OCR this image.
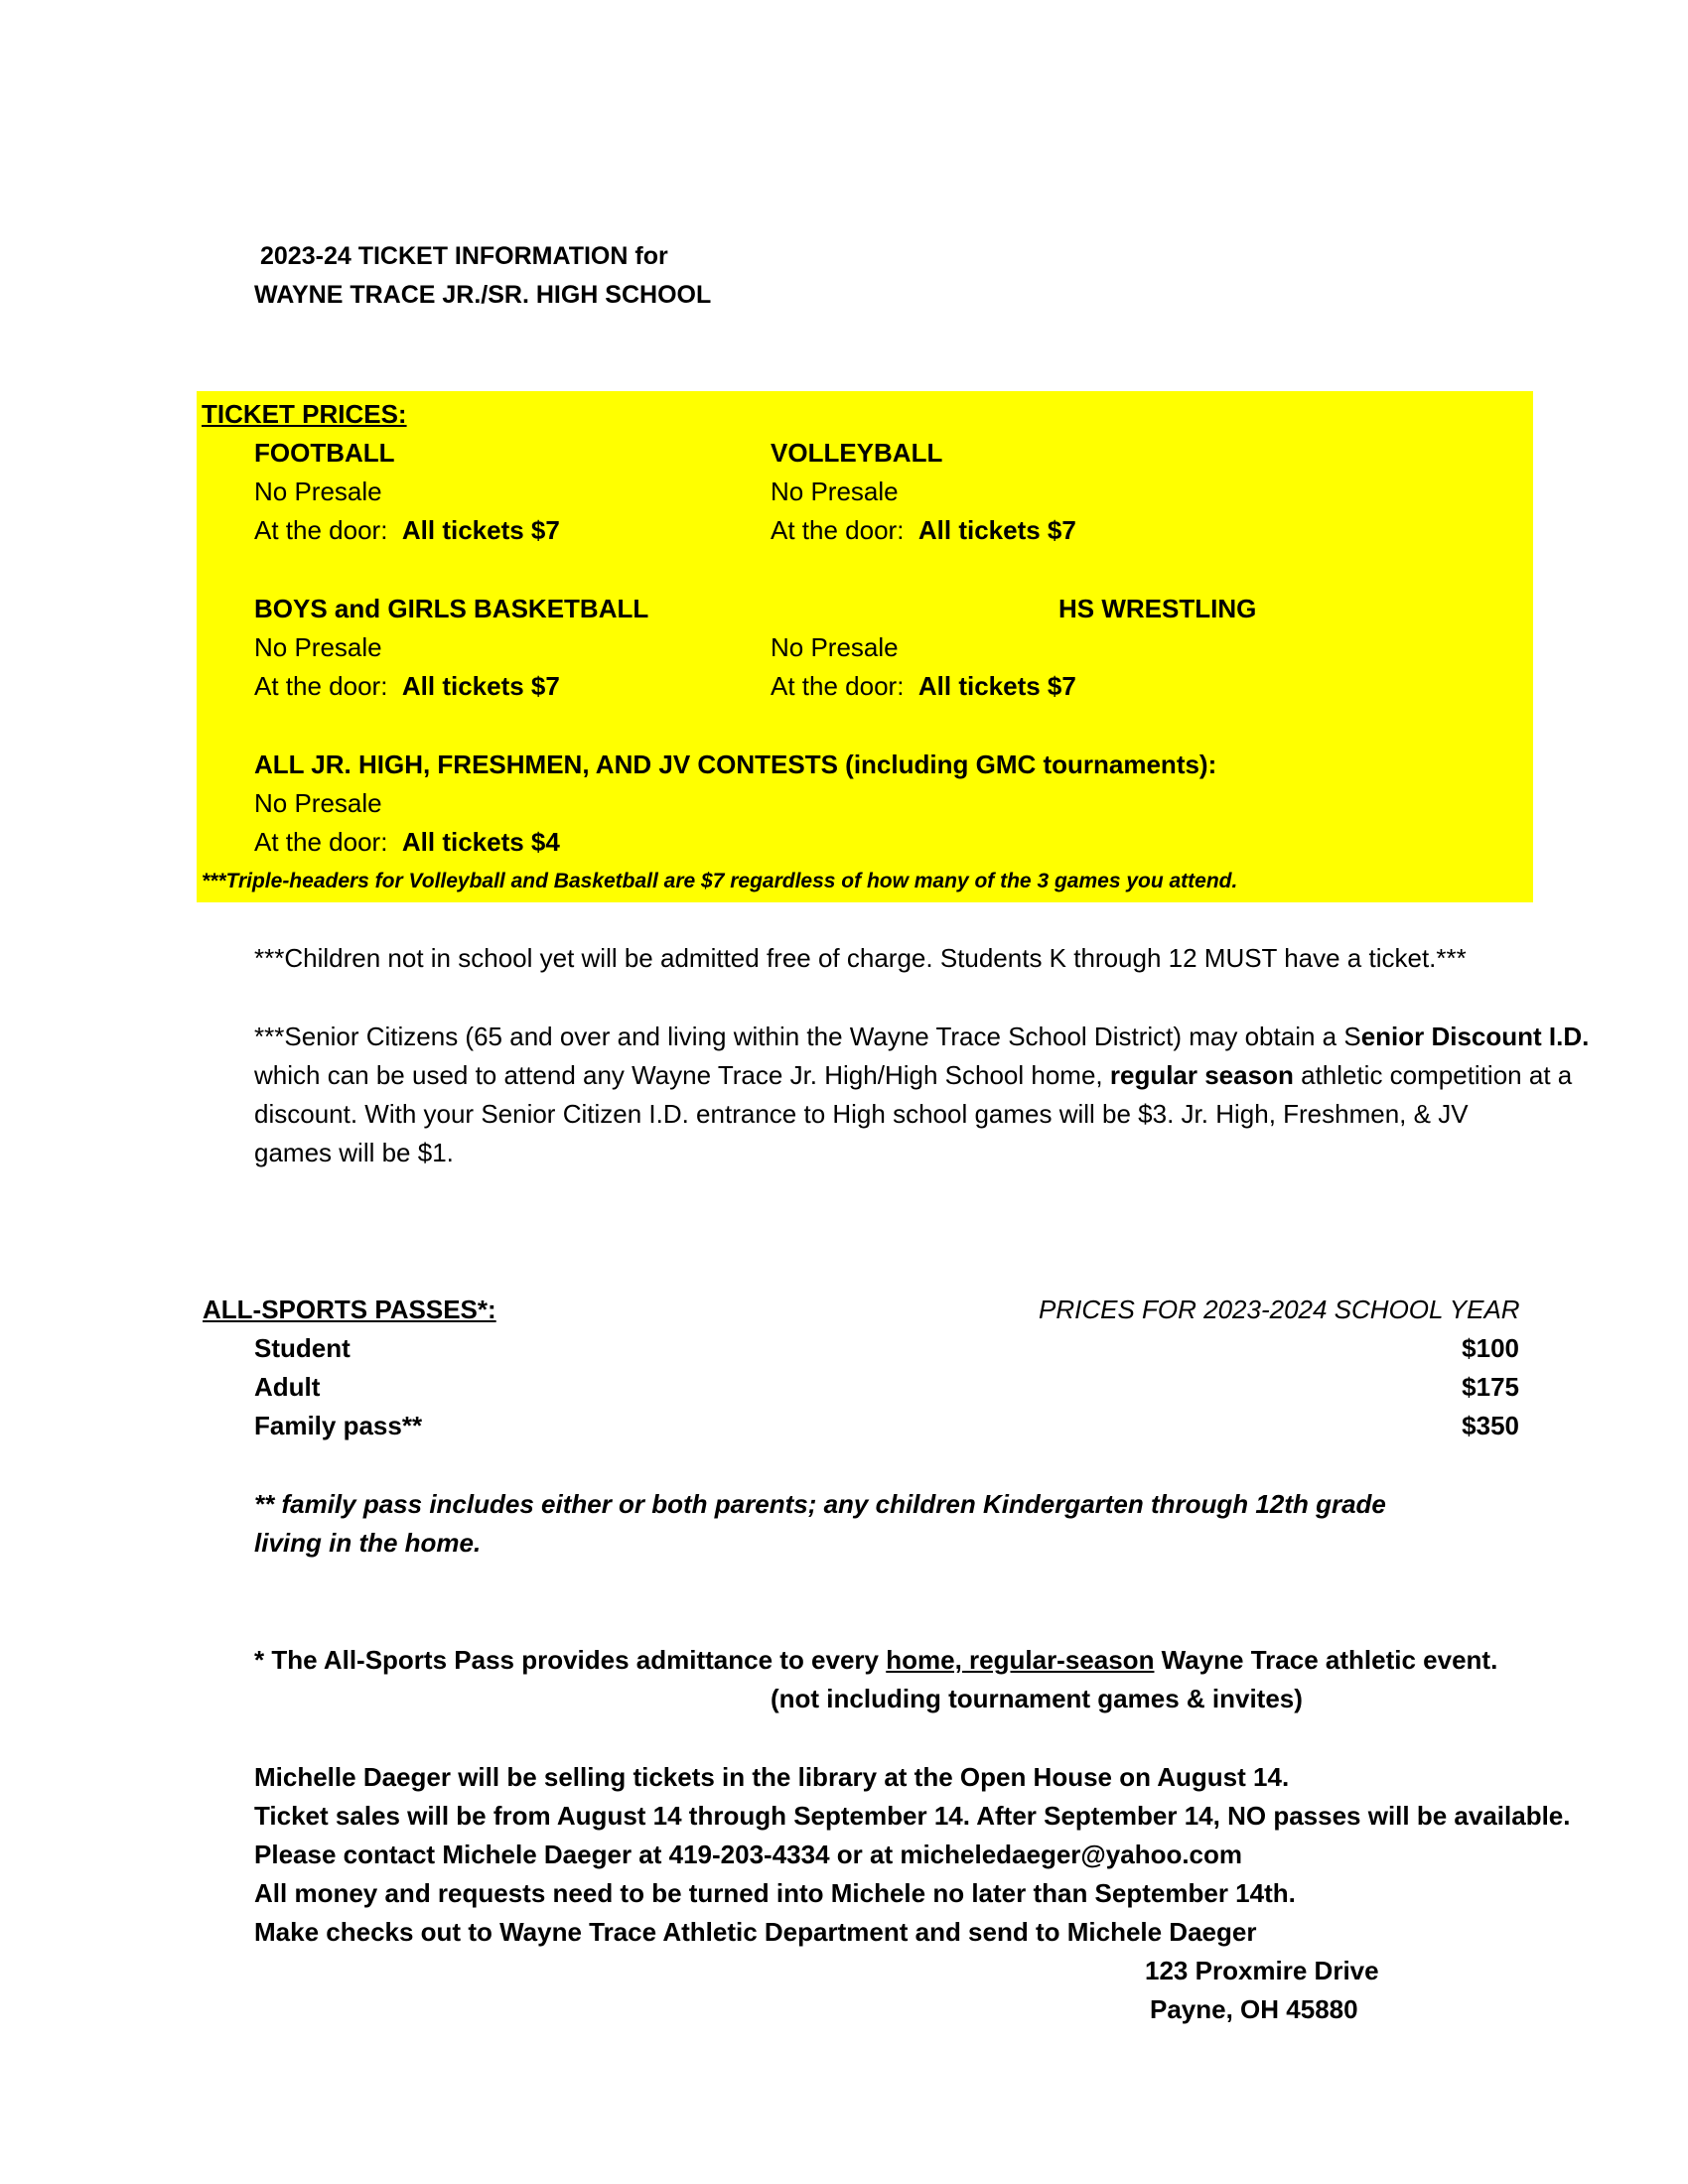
2023-24 TICKET INFORMATION for
WAYNE TRACE JR./SR. HIGH SCHOOL
TICKET PRICES:
FOOTBALL
No Presale
At the door: All tickets $7
VOLLEYBALL
No Presale
At the door: All tickets $7
BOYS and GIRLS BASKETBALL
No Presale
At the door: All tickets $7
HS WRESTLING
No Presale
At the door: All tickets $7
ALL JR. HIGH, FRESHMEN, AND JV CONTESTS (including GMC tournaments):
No Presale
At the door: All tickets $4
***Triple-headers for Volleyball and Basketball are $7 regardless of how many of the 3 games you attend.
***Children not in school yet will be admitted free of charge. Students K through 12 MUST have a ticket.***
***Senior Citizens (65 and over and living within the Wayne Trace School District) may obtain a Senior Discount I.D.
which can be used to attend any Wayne Trace Jr. High/High School home, regular season athletic competition at a
discount. With your Senior Citizen I.D. entrance to High school games will be $3. Jr. High, Freshmen, & JV
games will be $1.
ALL-SPORTS PASSES*:	PRICES FOR 2023-2024 SCHOOL YEAR
Student	$100
Adult	$175
Family pass**	$350
** family pass includes either or both parents; any children Kindergarten through 12th grade
living in the home.
* The All-Sports Pass provides admittance to every home, regular-season Wayne Trace athletic event.
(not including tournament games & invites)
Michelle Daeger will be selling tickets in the library at the Open House on August 14.
Ticket sales will be from August 14 through September 14. After September 14, NO passes will be available.
Please contact Michele Daeger at 419-203-4334 or at micheledaeger@yahoo.com
All money and requests need to be turned into Michele no later than September 14th.
Make checks out to Wayne Trace Athletic Department and send to Michele Daeger
123 Proxmire Drive
Payne, OH 45880
